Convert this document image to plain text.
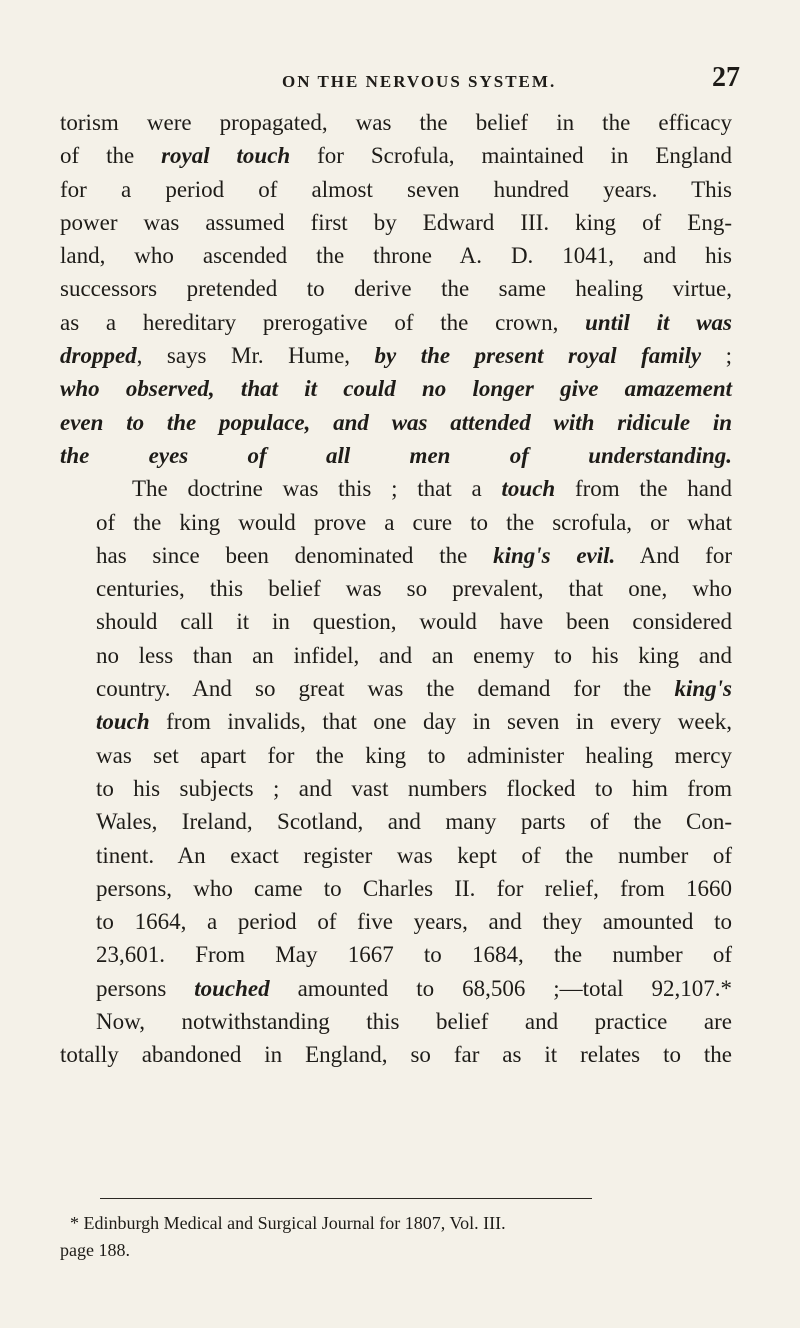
ON THE NERVOUS SYSTEM.	27

torism were propagated, was the belief in the efficacy
of the royal touch for Scrofula, maintained in England
for a period of almost seven hundred years. This
power was assumed first by Edward III. king of Eng-
land, who ascended the throne A. D. 1041, and his
successors pretended to derive the same healing virtue,
as a hereditary prerogative of the crown, until it was
dropped, says Mr. Hume, by the present royal family ;
who observed, that it could no longer give amazement
even to the populace, and was attended with ridicule in
the eyes of all men of understanding.

The doctrine was this ; that a touch from the hand
of the king would prove a cure to the scrofula, or what
has since been denominated the king's evil. And for
centuries, this belief was so prevalent, that one, who
should call it in question, would have been considered
no less than an infidel, and an enemy to his king and
country. And so great was the demand for the king's
touch from invalids, that one day in seven in every week,
was set apart for the king to administer healing mercy
to his subjects ; and vast numbers flocked to him from
Wales, Ireland, Scotland, and many parts of the Con-
tinent. An exact register was kept of the number of
persons, who came to Charles II. for relief, from 1660
to 1664, a period of five years, and they amounted to
23,601. From May 1667 to 1684, the number of
persons touched amounted to 68,506 ;—total 92,107.*

Now, notwithstanding this belief and practice are
totally abandoned in England, so far as it relates to the

* Edinburgh Medical and Surgical Journal for 1807, Vol. III.
page 188.
